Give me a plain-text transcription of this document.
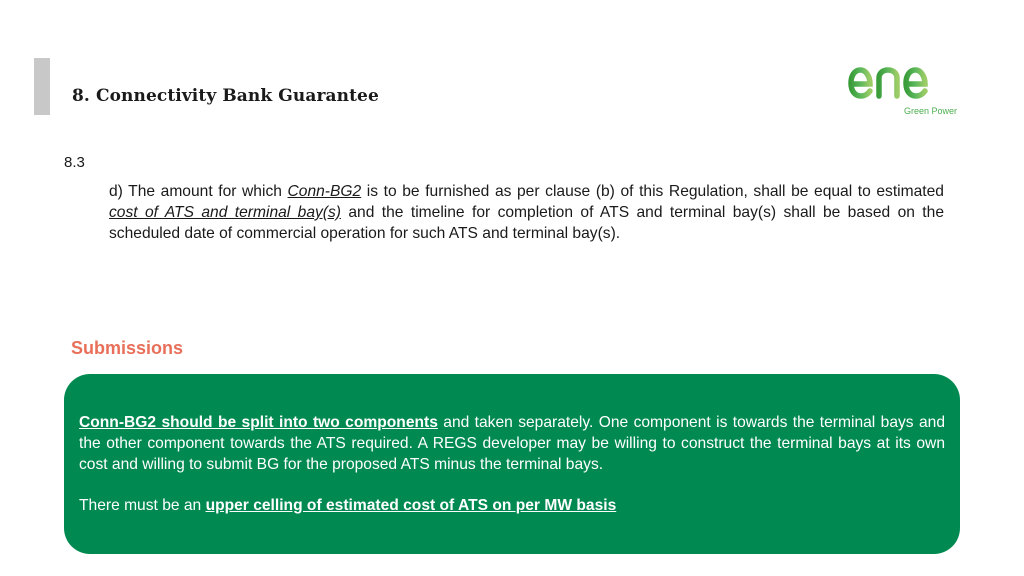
8. Connectivity Bank Guarantee
Green Power
8.3
d) The amount for which Conn-BG2 is to be furnished as per clause (b) of this Regulation, shall be equal to estimated cost of ATS and terminal bay(s) and the timeline for completion of ATS and terminal bay(s) shall be based on the scheduled date of commercial operation for such ATS and terminal bay(s).
Submissions
Conn-BG2 should be split into two components and taken separately. One component is towards the terminal bays and the other component towards the ATS required. A REGS developer may be willing to construct the terminal bays at its own cost and willing to submit BG for the proposed ATS minus the terminal bays.
There must be an upper celling of estimated cost of ATS on per MW basis
